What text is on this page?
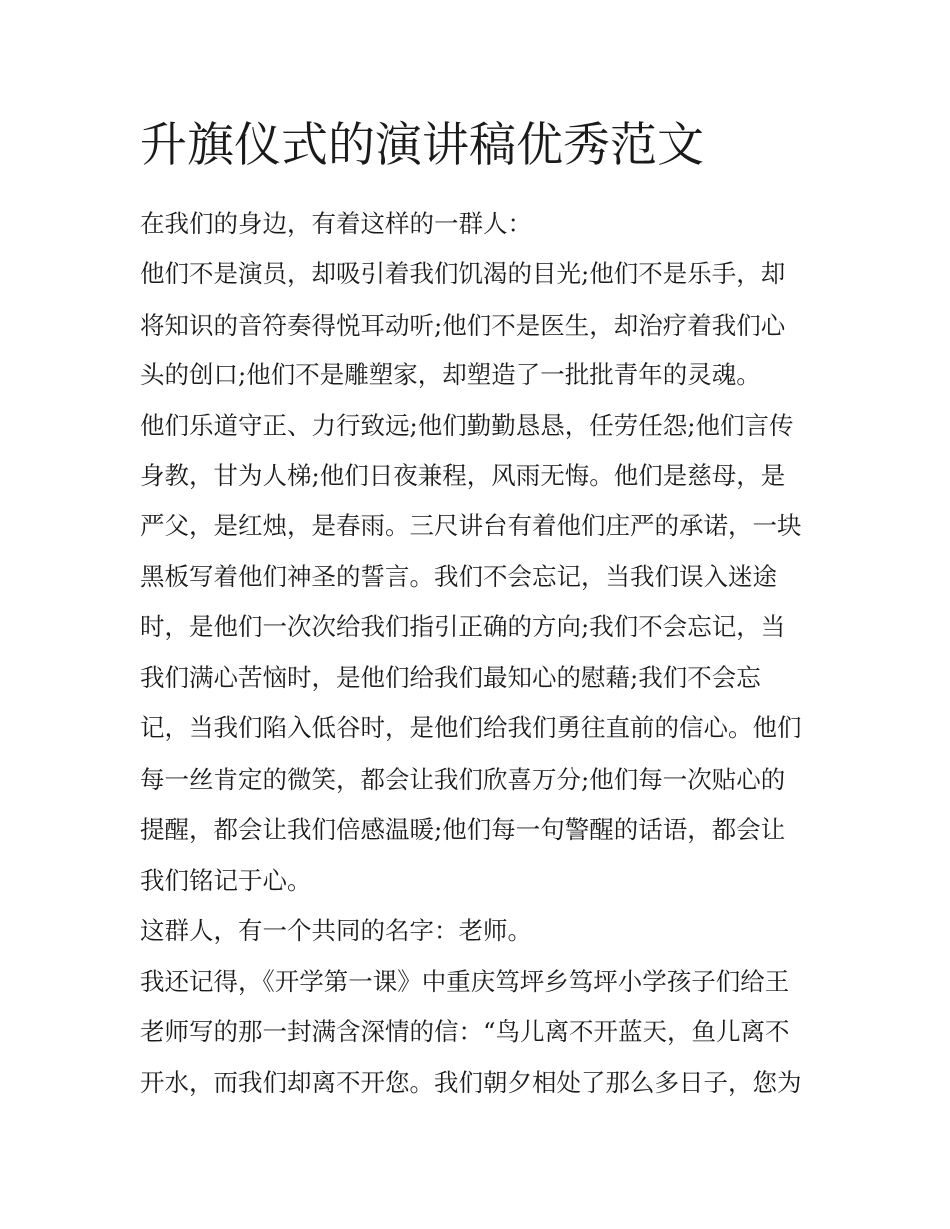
升旗仪式的演讲稿优秀范文
在我们的身边，有着这样的一群人：
他们不是演员，却吸引着我们饥渴的目光;他们不是乐手，却
将知识的音符奏得悦耳动听;他们不是医生，却治疗着我们心
头的创口;他们不是雕塑家，却塑造了一批批青年的灵魂。
他们乐道守正、力行致远;他们勤勤恳恳，任劳任怨;他们言传
身教，甘为人梯;他们日夜兼程，风雨无悔。他们是慈母，是
严父，是红烛，是春雨。三尺讲台有着他们庄严的承诺，一块
黑板写着他们神圣的誓言。我们不会忘记，当我们误入迷途
时，是他们一次次给我们指引正确的方向;我们不会忘记，当
我们满心苦恼时，是他们给我们最知心的慰藉;我们不会忘
记，当我们陷入低谷时，是他们给我们勇往直前的信心。他们
每一丝肯定的微笑，都会让我们欣喜万分;他们每一次贴心的
提醒，都会让我们倍感温暖;他们每一句警醒的话语，都会让
我们铭记于心。
这群人，有一个共同的名字：老师。
我还记得，《开学第一课》中重庆笃坪乡笃坪小学孩子们给王
老师写的那一封满含深情的信：“鸟儿离不开蓝天，鱼儿离不
开水，而我们却离不开您。我们朝夕相处了那么多日子，您为
